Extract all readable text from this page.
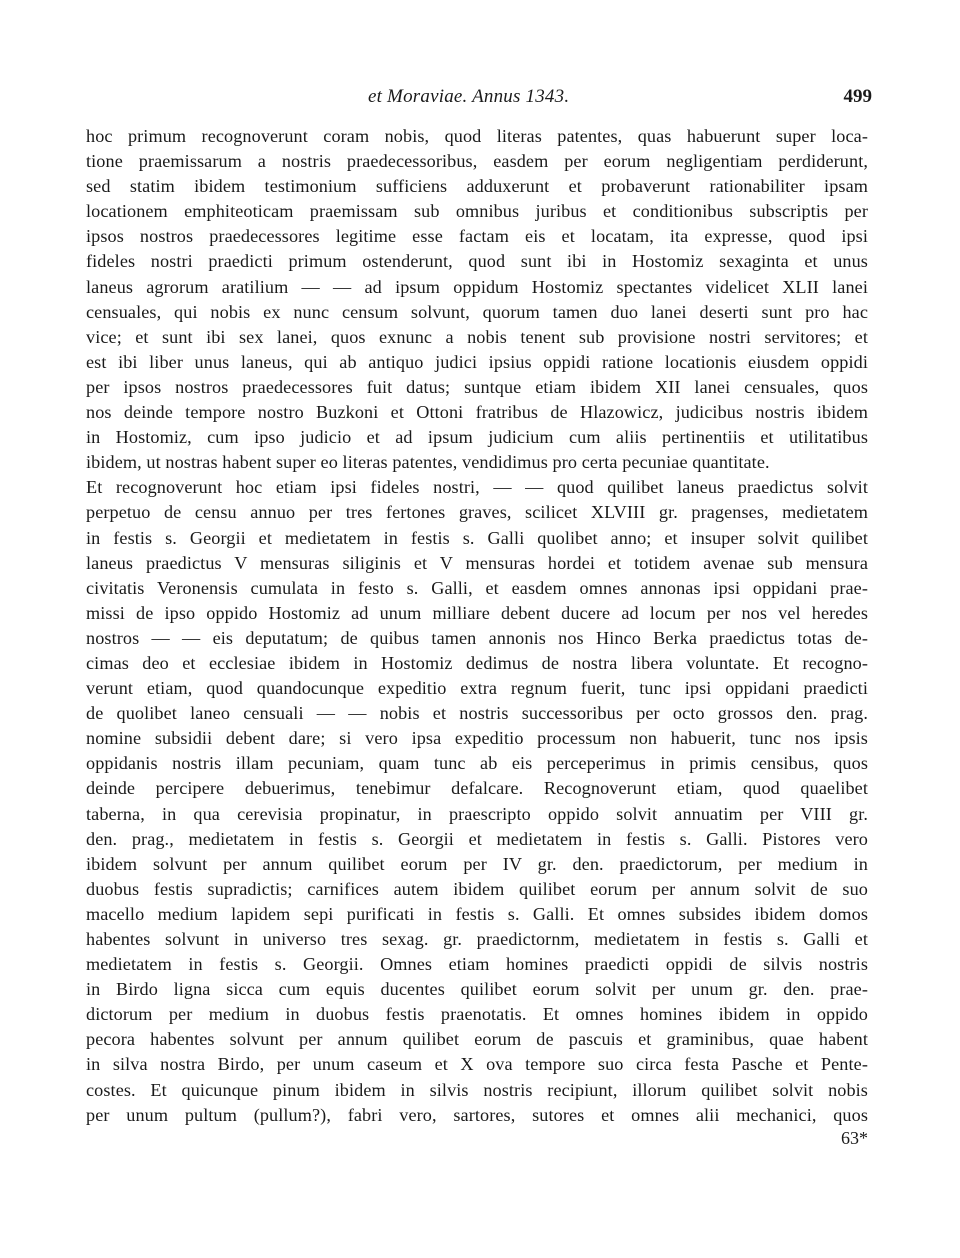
et Moraviae. Annus 1343.	499
hoc primum recognoverunt coram nobis, quod literas patentes, quas habuerunt super loca-
tione praemissarum a nostris praedecessoribus, easdem per eorum negligentiam perdiderunt,
sed statim ibidem testimonium sufficiens adduxerunt et probaverunt rationabiliter ipsam
locationem emphiteoticam praemissam sub omnibus juribus et conditionibus subscriptis per
ipsos nostros praedecessores legitime esse factam eis et locatam, ita expresse, quod ipsi
fideles nostri praedicti primum ostenderunt, quod sunt ibi in Hostomiz sexaginta et unus
laneus agrorum aratilium — — ad ipsum oppidum Hostomiz spectantes videlicet XLII lanei
censuales, qui nobis ex nunc censum solvunt, quorum tamen duo lanei deserti sunt pro hac
vice; et sunt ibi sex lanei, quos exnunc a nobis tenent sub provisione nostri servitores; et
est ibi liber unus laneus, qui ab antiquo judici ipsius oppidi ratione locationis eiusdem oppidi
per ipsos nostros praedecessores fuit datus; suntque etiam ibidem XII lanei censuales, quos
nos deinde tempore nostro Buzkoni et Ottoni fratribus de Hlazowicz, judicibus nostris ibidem
in Hostomiz, cum ipso judicio et ad ipsum judicium cum aliis pertinentiis et utilitatibus
ibidem, ut nostras habent super eo literas patentes, vendidimus pro certa pecuniae quantitate.
Et recognoverunt hoc etiam ipsi fideles nostri, — — quod quilibet laneus praedictus solvit
perpetuo de censu annuo per tres fertones graves, scilicet XLVIII gr. pragenses, medietatem
in festis s. Georgii et medietatem in festis s. Galli quolibet anno; et insuper solvit quilibet
laneus praedictus V mensuras siliginis et V mensuras hordei et totidem avenae sub mensura
civitatis Veronensis cumulata in festo s. Galli, et easdem omnes annonas ipsi oppidani prae-
missi de ipso oppido Hostomiz ad unum milliare debent ducere ad locum per nos vel heredes
nostros — — eis deputatum; de quibus tamen annonis nos Hinco Berka praedictus totas de-
cimas deo et ecclesiae ibidem in Hostomiz dedimus de nostra libera voluntate. Et recogno-
verunt etiam, quod quandocunque expeditio extra regnum fuerit, tunc ipsi oppidani praedicti
de quolibet laneo censuali — — nobis et nostris successoribus per octo grossos den. prag.
nomine subsidii debent dare; si vero ipsa expeditio processum non habuerit, tunc nos ipsis
oppidanis nostris illam pecuniam, quam tunc ab eis perceperimus in primis censibus, quos
deinde percipere debuerimus, tenebimur defalcare. Recognoverunt etiam, quod quaelibet
taberna, in qua cerevisia propinatur, in praescripto oppido solvit annuatim per VIII gr.
den. prag., medietatem in festis s. Georgii et medietatem in festis s. Galli. Pistores vero
ibidem solvunt per annum quilibet eorum per IV gr. den. praedictorum, per medium in
duobus festis supradictis; carnifices autem ibidem quilibet eorum per annum solvit de suo
macello medium lapidem sepi purificati in festis s. Galli. Et omnes subsides ibidem domos
habentes solvunt in universo tres sexag. gr. praedictornm, medietatem in festis s. Galli et
medietatem in festis s. Georgii. Omnes etiam homines praedicti oppidi de silvis nostris
in Birdo ligna sicca cum equis ducentes quilibet eorum solvit per unum gr. den. prae-
dictorum per medium in duobus festis praenotatis. Et omnes homines ibidem in oppido
pecora habentes solvunt per annum quilibet eorum de pascuis et graminibus, quae habent
in silva nostra Birdo, per unum caseum et X ova tempore suo circa festa Pasche et Pente-
costes. Et quicunque pinum ibidem in silvis nostris recipiunt, illorum quilibet solvit nobis
per unum pultum (pullum?), fabri vero, sartores, sutores et omnes alii mechanici, quos
63*
